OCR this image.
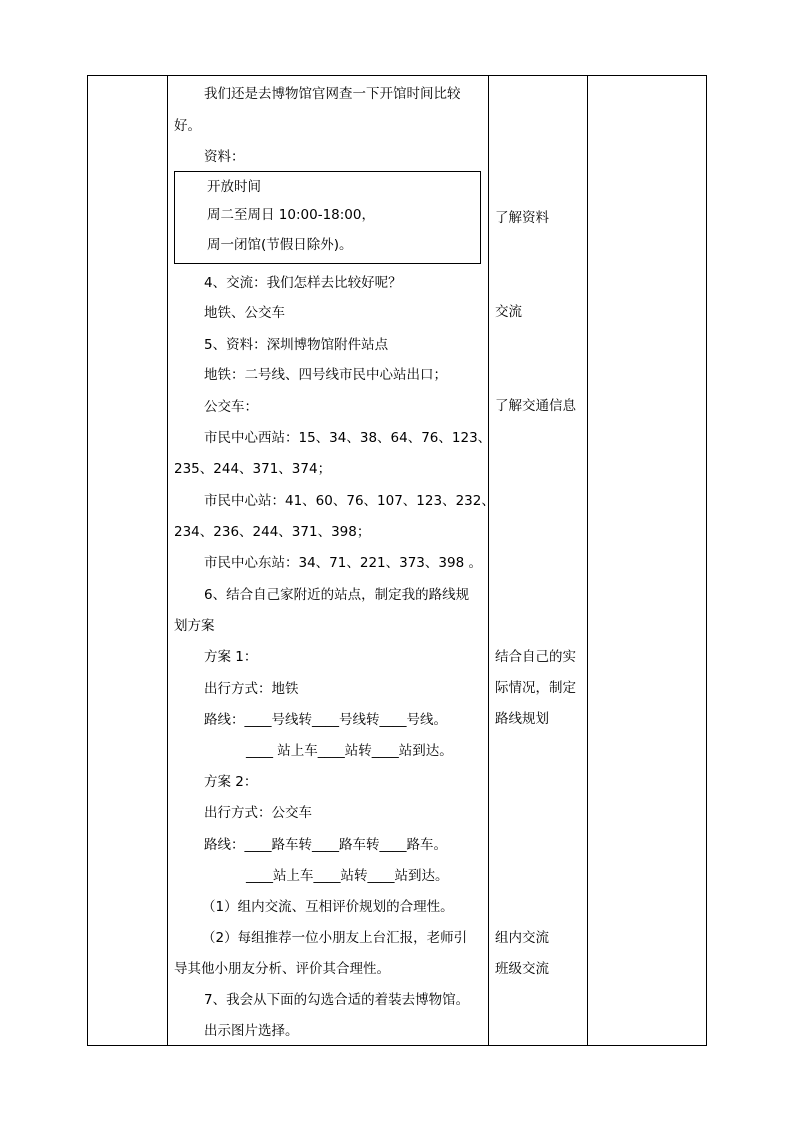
我们还是去博物馆官网查一下开馆时间比较
好。
资料：
开放时间
周二至周日 10:00-18:00，
周一闭馆(节假日除外)。
4、交流：我们怎样去比较好呢？
地铁、公交车
5、资料：深圳博物馆附件站点
地铁：二号线、四号线市民中心站出口；
公交车：
市民中心西站：15、34、38、64、76、123、
235、244、371、374；
市民中心站：41、60、76、107、123、232、
234、236、244、371、398；
市民中心东站：34、71、221、373、398 。
6、结合自己家附近的站点，制定我的路线规
划方案
方案 1：
出行方式：地铁
路线：____号线转____号线转____号线。
____ 站上车____站转____站到达。
方案 2：
出行方式：公交车
路线：____路车转____路车转____路车。
____站上车____站转____站到达。
（1）组内交流、互相评价规划的合理性。
（2）每组推荐一位小朋友上台汇报，老师引
导其他小朋友分析、评价其合理性。
7、我会从下面的勾选合适的着装去博物馆。
出示图片选择。
了解资料
交流
了解交通信息
结合自己的实
际情况，制定
路线规划
组内交流
班级交流
